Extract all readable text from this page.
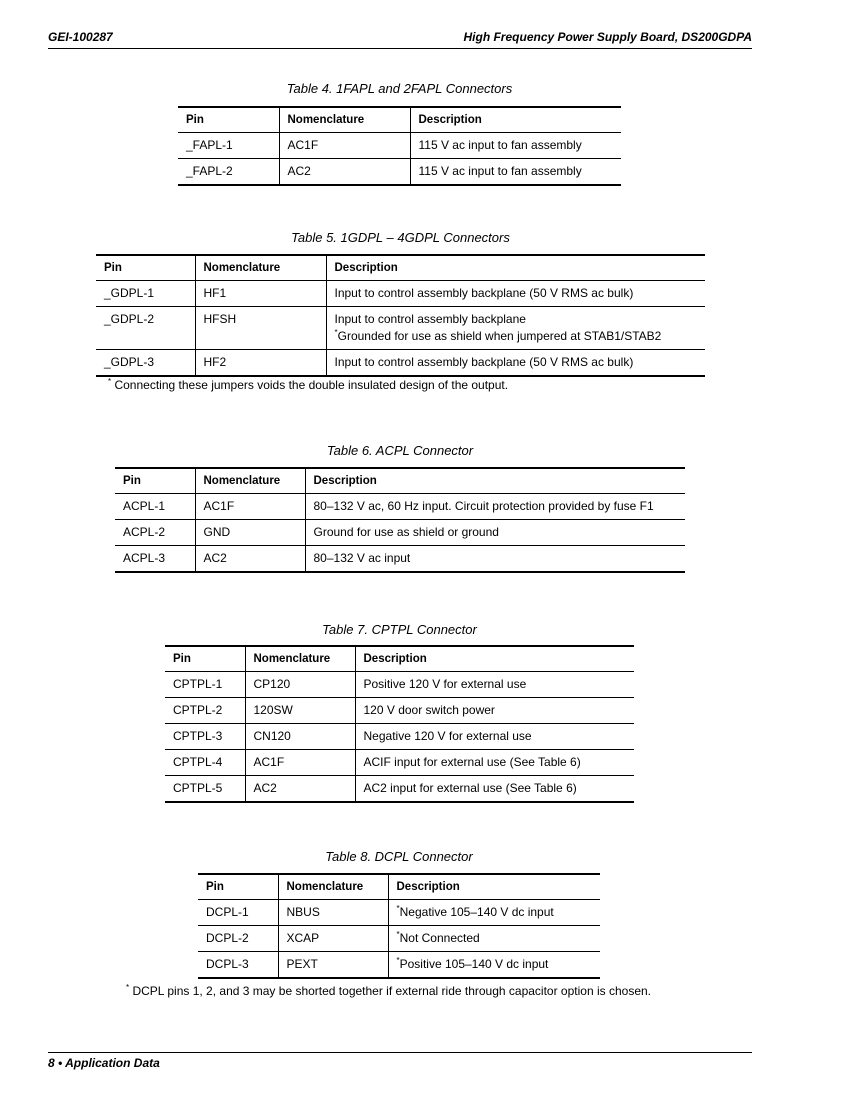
GEI-100287	High Frequency Power Supply Board, DS200GDPA
Table 4. 1FAPL and 2FAPL Connectors
Pin	Nomenclature	Description
_FAPL-1	AC1F	115 V ac input to fan assembly
_FAPL-2	AC2	115 V ac input to fan assembly
Table 5. 1GDPL – 4GDPL Connectors
Pin	Nomenclature	Description
_GDPL-1	HF1	Input to control assembly backplane (50 V RMS ac bulk)
_GDPL-2	HFSH	Input to control assembly backplane
*Grounded for use as shield when jumpered at STAB1/STAB2

_GDPL-3	HF2	Input to control assembly backplane (50 V RMS ac bulk)
* Connecting these jumpers voids the double insulated design of the output.
Table 6. ACPL Connector
Pin	Nomenclature	Description
ACPL-1	AC1F	80–132 V ac, 60 Hz input. Circuit protection provided by fuse F1
ACPL-2	GND	Ground for use as shield or ground
ACPL-3	AC2	80–132 V ac input
Table 7. CPTPL Connector
Pin	Nomenclature	Description
CPTPL-1	CP120	Positive 120 V for external use
CPTPL-2	120SW	120 V door switch power
CPTPL-3	CN120	Negative 120 V for external use
CPTPL-4	AC1F	ACIF input for external use (See Table 6)
CPTPL-5	AC2	AC2 input for external use (See Table 6)
Table 8. DCPL Connector
Pin	Nomenclature	Description
DCPL-1	NBUS	*Negative 105–140 V dc input
DCPL-2	XCAP	*Not Connected
DCPL-3	PEXT	*Positive 105–140 V dc input
* DCPL pins 1, 2, and 3 may be shorted together if external ride through capacitor option is chosen.
8 • Application Data
